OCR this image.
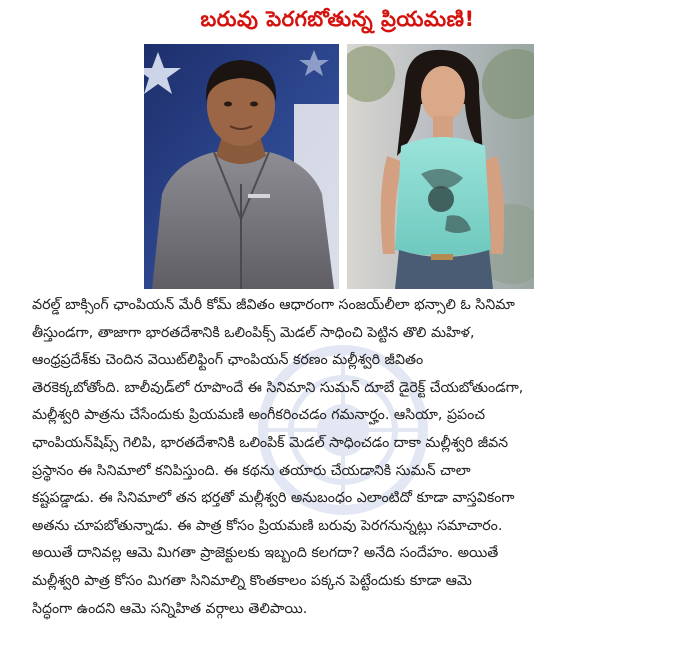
బరువు పెరగబోతున్న ప్రియమణి!
వరల్డ్ బాక్సింగ్ ఛాంపియన్ మేరీ కోమ్ జీవితం ఆధారంగా సంజయ్‌లీలా భన్సాలి ఓ సినిమా
తీస్తుండగా, తాజాగా భారతదేశానికి ఒలింపిక్స్ మెడల్ సాధించి పెట్టిన తొలి మహిళ,
ఆంధ్రప్రదేశ్‌కు చెందిన వెయిట్‌లిఫ్టింగ్ ఛాంపియన్ కరణం మల్లీశ్వరి జీవితం
తెరకెక్కబోతోంది. బాలీవుడ్‌లో రూపొందే ఈ సినిమాని సుమన్ దూబే డైరెక్ట్ చేయబోతుండగా,
మల్లీశ్వరి పాత్రను చేసేందుకు ప్రియమణి అంగీకరించడం గమనార్హం. ఆసియా, ప్రపంచ
ఛాంపియన్‌షిప్స్ గెలిపి, భారతదేశానికి ఒలింపిక్ మెడల్ సాధించడం దాకా మల్లీశ్వరి జీవన
ప్రస్థానం ఈ సినిమాలో కనిపిస్తుంది. ఈ కథను తయారు చేయడానికి సుమన్ చాలా
కష్టపడ్డాడు. ఈ సినిమాలో తన భర్తతో మల్లీశ్వరి అనుబంధం ఎలాంటిదో కూడా వాస్తవికంగా
అతను చూపబోతున్నాడు. ఈ పాత్ర కోసం ప్రియమణి బరువు పెరగనున్నట్లు సమాచారం.
అయితే దానివల్ల ఆమె మిగతా ప్రాజెక్టులకు ఇబ్బంది కలగదా? అనేది సందేహం. అయితే
మల్లీశ్వరి పాత్ర కోసం మిగతా సినిమాల్ని కొంతకాలం పక్కన పెట్టేందుకు కూడా ఆమె
సిద్ధంగా ఉందని ఆమె సన్నిహిత వర్గాలు తెలిపాయి.
